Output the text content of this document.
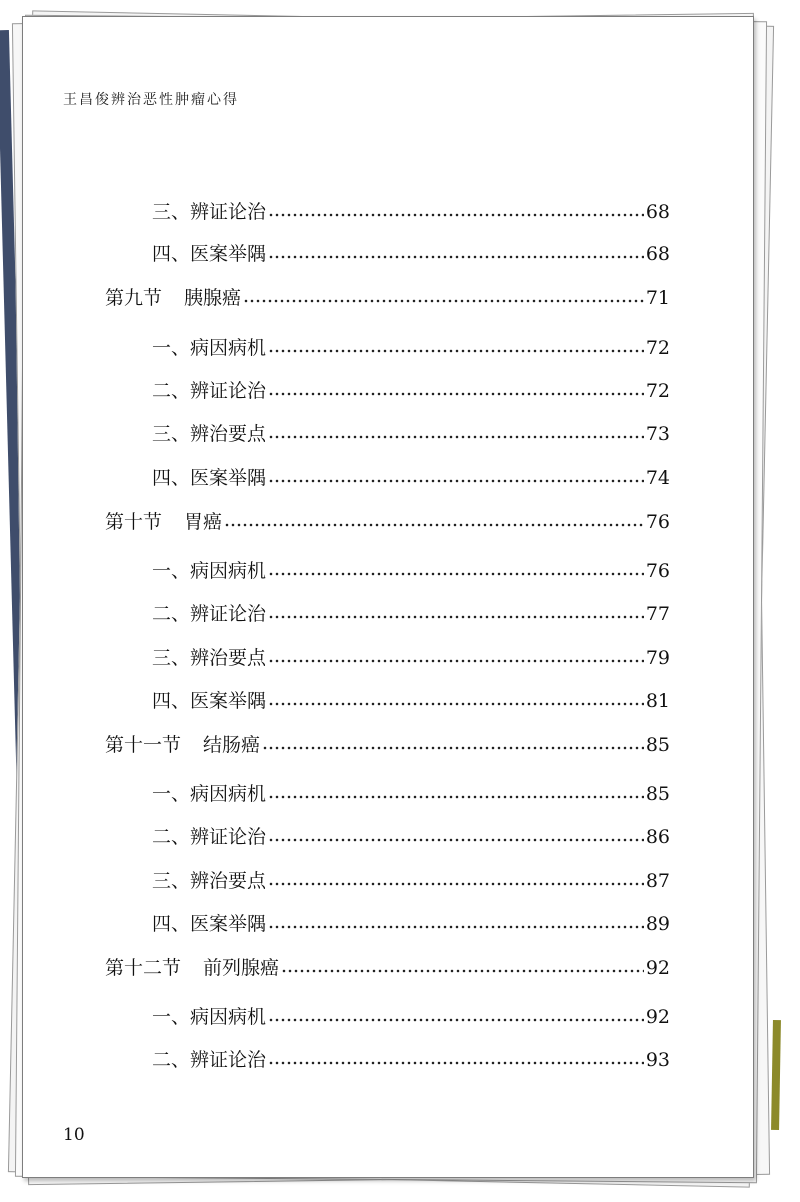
王昌俊辨治恶性肿瘤心得
三、辨证论治	68
四、医案举隅	68
第九节 胰腺癌	71
一、病因病机	72
二、辨证论治	72
三、辨治要点	73
四、医案举隅	74
第十节 胃癌	76
一、病因病机	76
二、辨证论治	77
三、辨治要点	79
四、医案举隅	81
第十一节 结肠癌	85
一、病因病机	85
二、辨证论治	86
三、辨治要点	87
四、医案举隅	89
第十二节 前列腺癌	92
一、病因病机	92
二、辨证论治	93
10
